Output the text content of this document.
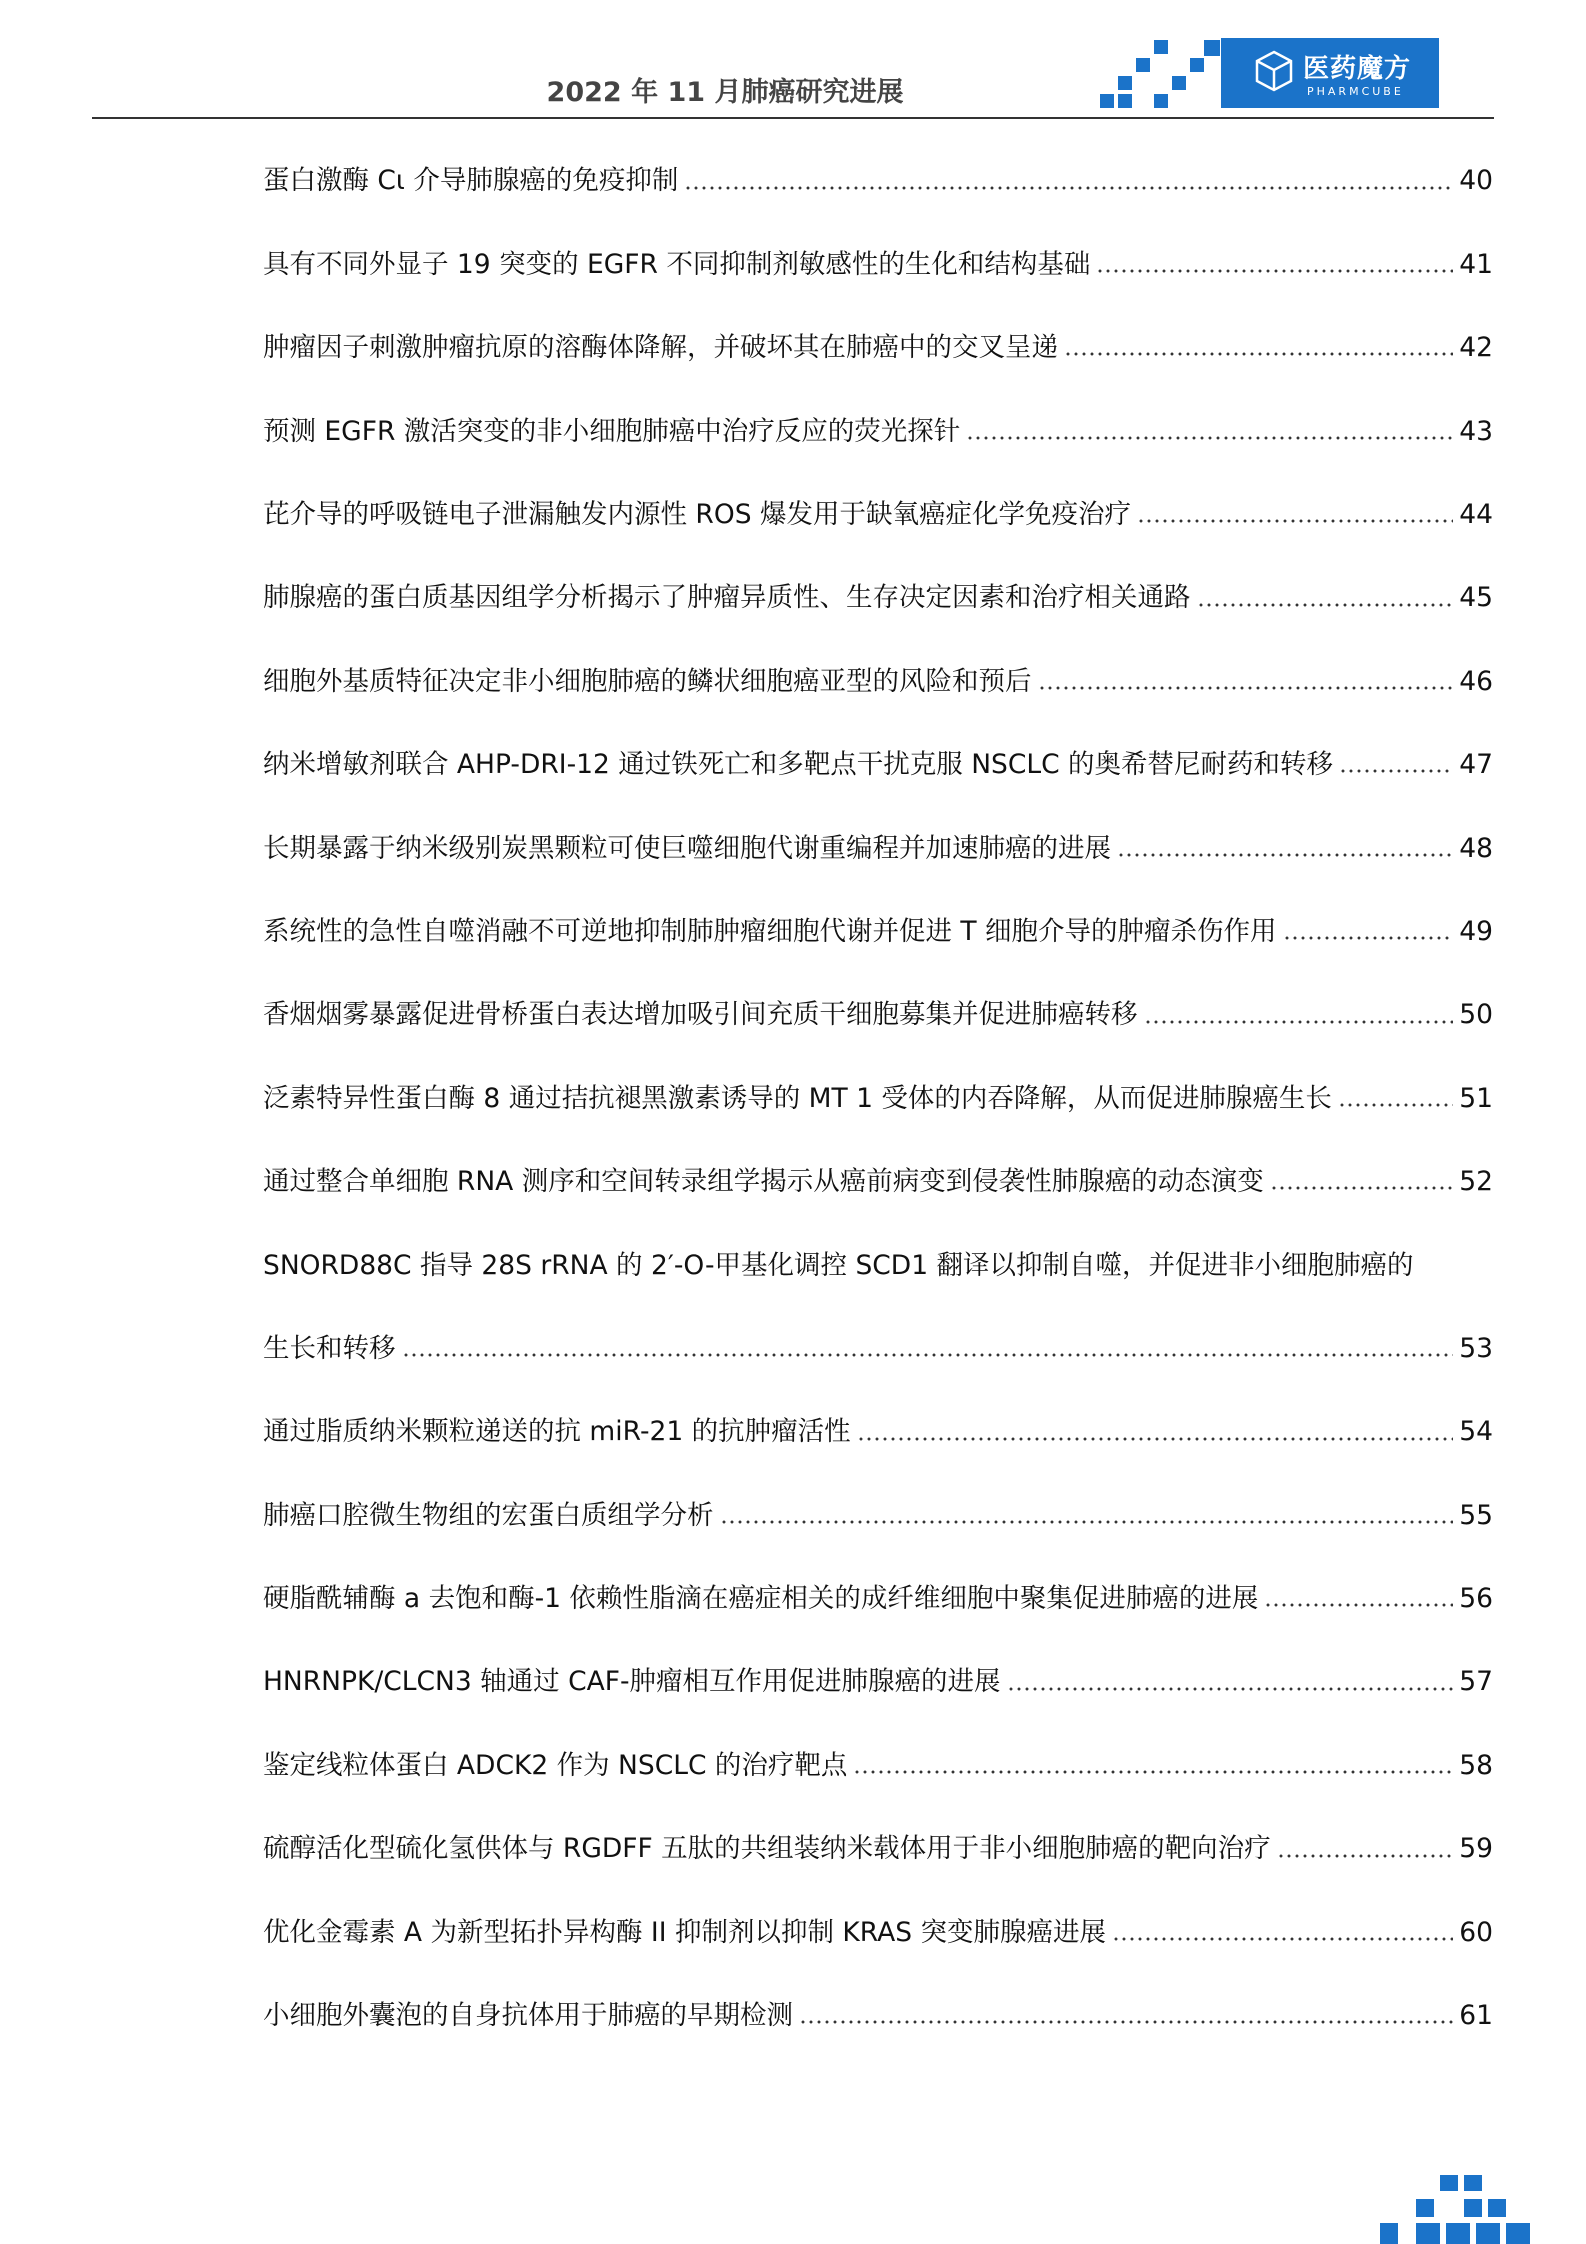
2022 年 11 月肺癌研究进展
医药魔方
PHARMCUBE
蛋白激酶 Cι 介导肺腺癌的免疫抑制	40
具有不同外显子 19 突变的 EGFR 不同抑制剂敏感性的生化和结构基础	41
肿瘤因子刺激肿瘤抗原的溶酶体降解，并破坏其在肺癌中的交叉呈递	42
预测 EGFR 激活突变的非小细胞肺癌中治疗反应的荧光探针	43
芘介导的呼吸链电子泄漏触发内源性 ROS 爆发用于缺氧癌症化学免疫治疗	44
肺腺癌的蛋白质基因组学分析揭示了肿瘤异质性、生存决定因素和治疗相关通路	45
细胞外基质特征决定非小细胞肺癌的鳞状细胞癌亚型的风险和预后	46
纳米增敏剂联合 AHP-DRI-12 通过铁死亡和多靶点干扰克服 NSCLC 的奥希替尼耐药和转移	47
长期暴露于纳米级别炭黑颗粒可使巨噬细胞代谢重编程并加速肺癌的进展	48
系统性的急性自噬消融不可逆地抑制肺肿瘤细胞代谢并促进 T 细胞介导的肿瘤杀伤作用	49
香烟烟雾暴露促进骨桥蛋白表达增加吸引间充质干细胞募集并促进肺癌转移	50
泛素特异性蛋白酶 8 通过拮抗褪黑激素诱导的 MT 1 受体的内吞降解，从而促进肺腺癌生长	51
通过整合单细胞 RNA 测序和空间转录组学揭示从癌前病变到侵袭性肺腺癌的动态演变	52
SNORD88C 指导 28S rRNA 的 2′-O-甲基化调控 SCD1 翻译以抑制自噬，并促进非小细胞肺癌的
生长和转移	53
通过脂质纳米颗粒递送的抗 miR-21 的抗肿瘤活性	54
肺癌口腔微生物组的宏蛋白质组学分析	55
硬脂酰辅酶 a 去饱和酶-1 依赖性脂滴在癌症相关的成纤维细胞中聚集促进肺癌的进展	56
HNRNPK/CLCN3 轴通过 CAF-肿瘤相互作用促进肺腺癌的进展	57
鉴定线粒体蛋白 ADCK2 作为 NSCLC 的治疗靶点	58
硫醇活化型硫化氢供体与 RGDFF 五肽的共组装纳米载体用于非小细胞肺癌的靶向治疗	59
优化金霉素 A 为新型拓扑异构酶 II 抑制剂以抑制 KRAS 突变肺腺癌进展	60
小细胞外囊泡的自身抗体用于肺癌的早期检测	61
